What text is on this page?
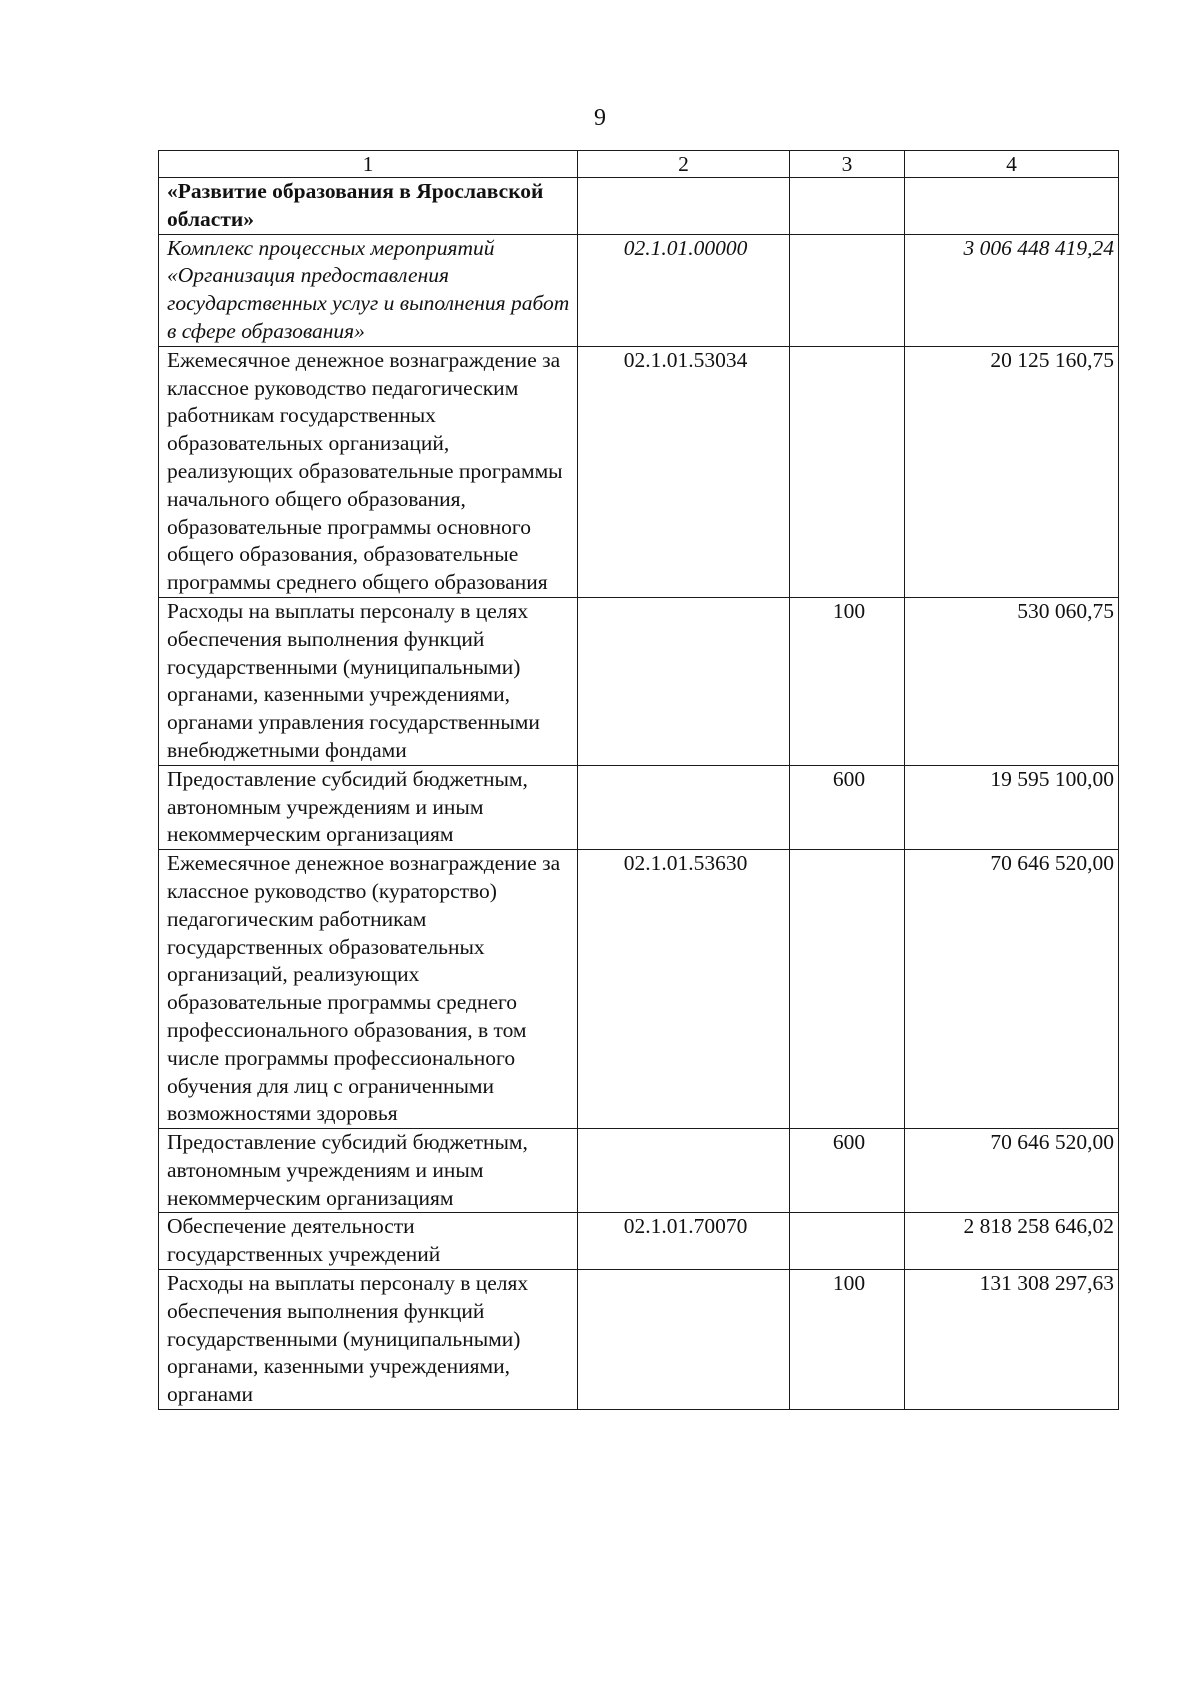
9
1	2	3	4
«Развитие образования в Ярославской области»			
Комплекс процессных мероприятий «Организация предоставления государственных услуг и выполнения работ в сфере образования»	02.1.01.00000		3 006 448 419,24
Ежемесячное денежное вознаграждение за классное руководство педагогическим работникам государственных образовательных организаций, реализующих образовательные программы начального общего образования, образовательные программы основного общего образования, образовательные программы среднего общего образования	02.1.01.53034		20 125 160,75
Расходы на выплаты персоналу в целях обеспечения выполнения функций государственными (муниципальными) органами, казенными учреждениями, органами управления государственными внебюджетными фондами		100	530 060,75
Предоставление субсидий бюджетным, автономным учреждениям и иным некоммерческим организациям		600	19 595 100,00
Ежемесячное денежное вознаграждение за классное руководство (кураторство) педагогическим работникам государственных образовательных организаций, реализующих образовательные программы среднего профессионального образования, в том числе программы профессионального обучения для лиц с ограниченными возможностями здоровья	02.1.01.53630		70 646 520,00
Предоставление субсидий бюджетным, автономным учреждениям и иным некоммерческим организациям		600	70 646 520,00
Обеспечение деятельности государственных учреждений	02.1.01.70070		2 818 258 646,02
Расходы на выплаты персоналу в целях обеспечения выполнения функций государственными (муниципальными) органами, казенными учреждениями, органами		100	131 308 297,63
